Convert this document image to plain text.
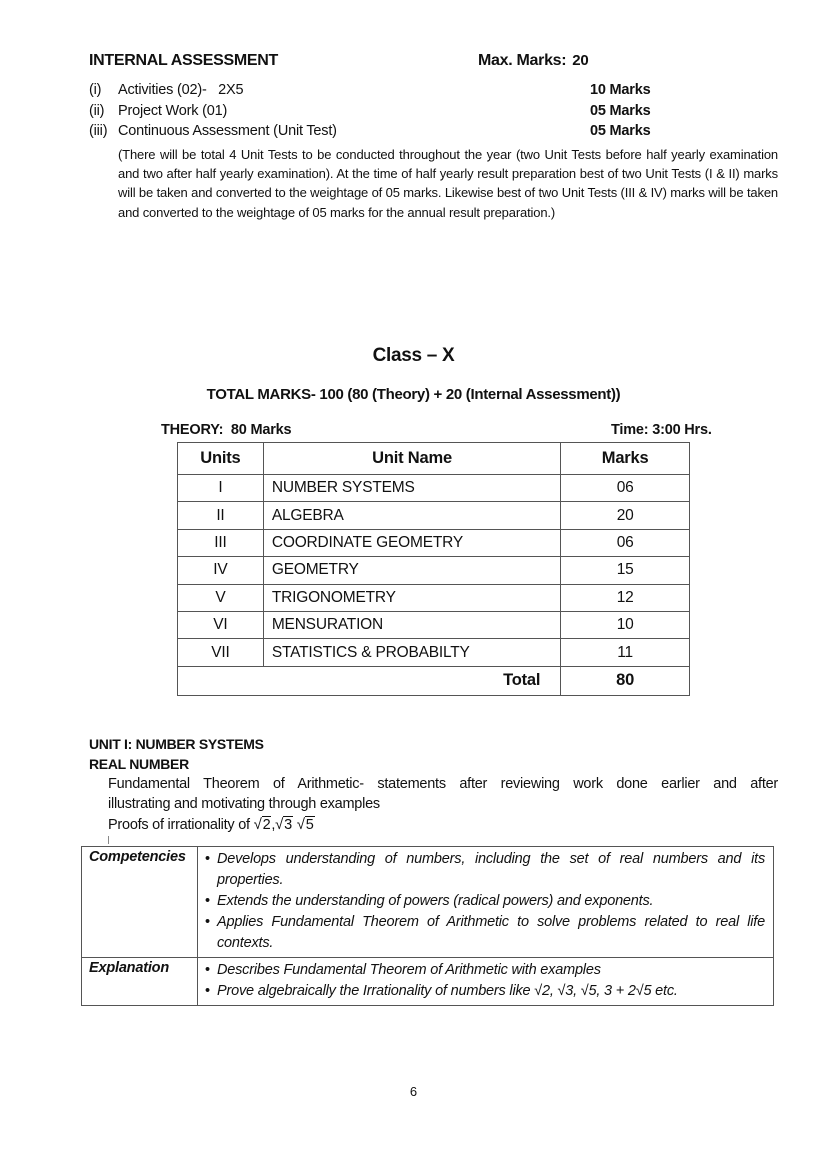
INTERNAL ASSESSMENT	Max. Marks: 20
(i) Activities (02)-   2X5	10 Marks
(ii) Project Work (01)	05 Marks
(iii) Continuous Assessment (Unit Test)	05 Marks
(There will be total 4 Unit Tests to be conducted throughout the year (two Unit Tests before half yearly examination and two after half yearly examination). At the time of half yearly result preparation best of two Unit Tests (I & II) marks will be taken and converted to the weightage of 05 marks. Likewise best of two Unit Tests (III & IV) marks will be taken and converted to the weightage of 05 marks for the annual result preparation.)
Class – X
TOTAL MARKS- 100 (80 (Theory) + 20 (Internal Assessment))
THEORY:  80 Marks	Time: 3:00 Hrs.
Units	Unit Name	Marks
I	NUMBER SYSTEMS	06
II	ALGEBRA	20
III	COORDINATE GEOMETRY	06
IV	GEOMETRY	15
V	TRIGONOMETRY	12
VI	MENSURATION	10
VII	STATISTICS & PROBABILTY	11
Total		80
UNIT I: NUMBER SYSTEMS
REAL NUMBER
Fundamental Theorem of Arithmetic- statements after reviewing work done earlier and after
illustrating and motivating through examples
Proofs of irrationality of √2,√3 √5
Competencies	
•Develops understanding of numbers, including the set of real numbers and its properties.
• Extends the understanding of powers (radical powers) and exponents.
• Applies Fundamental Theorem of Arithmetic to solve problems related to real life contexts.

Explanation	
•Describes Fundamental Theorem of Arithmetic with examples
• Prove algebraically the Irrationality of numbers like √2, √3, √5, 3 + 2√5 etc.
6
